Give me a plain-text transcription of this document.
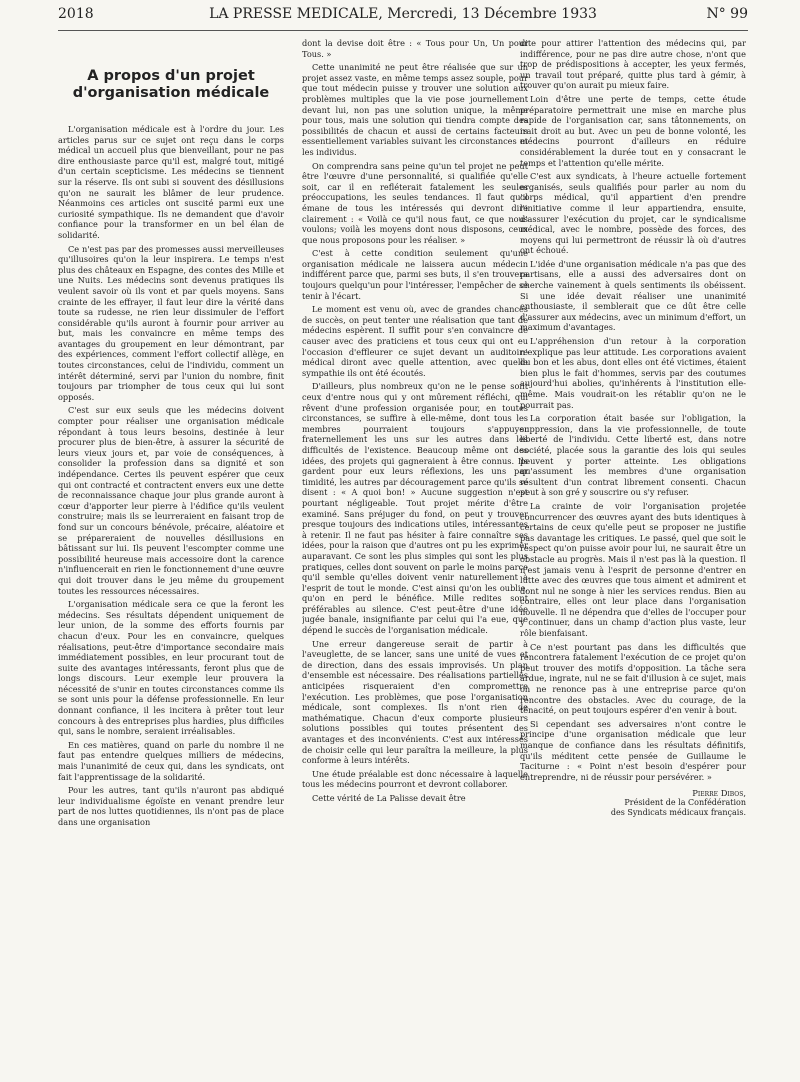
2018	LA PRESSE MEDICALE, Mercredi, 13 Décembre 1933	N° 99
A propos d'un projet
d'organisation médicale

L'organisation médicale est à l'ordre du jour. Les articles parus sur ce sujet ont reçu dans le corps médical un accueil plus que bienveillant, pour ne pas dire enthousiaste parce qu'il est, malgré tout, mitigé d'un certain scepticisme. Les médecins se tiennent sur la réserve. Ils ont subi si souvent des désillusions qu'on ne saurait les blâmer de leur prudence. Néanmoins ces articles ont suscité parmi eux une curiosité sympathique. Ils ne demandent que d'avoir confiance pour la transformer en un bel élan de solidarité.

Ce n'est pas par des promesses aussi merveilleuses qu'illusoires qu'on la leur inspirera. Le temps n'est plus des châteaux en Espagne, des contes des Mille et une Nuits. Les médecins sont devenus pratiques ils veulent savoir où ils vont et par quels moyens. Sans crainte de les effrayer, il faut leur dire la vérité dans toute sa rudesse, ne rien leur dissimuler de l'effort considérable qu'ils auront à fournir pour arriver au but, mais les convaincre en même temps des avantages du groupement en leur démontrant, par des expériences, comment l'effort collectif allège, en toutes circonstances, celui de l'individu, comment un intérêt déterminé, servi par l'union du nombre, finit toujours par triompher de tous ceux qui lui sont opposés.

C'est sur eux seuls que les médecins doivent compter pour réaliser une organisation médicale répondant à tous leurs besoins, destinée à leur procurer plus de bien-être, à assurer la sécurité de leurs vieux jours et, par voie de conséquences, à consolider la profession dans sa dignité et son indépendance. Certes ils peuvent espérer que ceux qui ont contracté et contractent envers eux une dette de reconnaissance chaque jour plus grande auront à cœur d'apporter leur pierre à l'édifice qu'ils veulent construire; mais ils se leurreraient en faisant trop de fond sur un concours bénévole, précaire, aléatoire et se prépareraient de nouvelles désillusions en bâtissant sur lui. Ils peuvent l'escompter comme une possibilité heureuse mais accessoire dont la carence n'influencerait en rien le fonctionnement d'une œuvre qui doit trouver dans le jeu même du groupement toutes les ressources nécessaires.

L'organisation médicale sera ce que la feront les médecins. Ses résultats dépendent uniquement de leur union, de la somme des efforts fournis par chacun d'eux. Pour les en convaincre, quelques réalisations, peut-être d'importance secondaire mais immédiatement possibles, en leur procurant tout de suite des avantages intéressants, feront plus que de longs discours. Leur exemple leur prouvera la nécessité de s'unir en toutes circonstances comme ils se sont unis pour la défense professionnelle. En leur donnant confiance, il les incitera à prêter tout leur concours à des entreprises plus hardies, plus difficiles qui, sans le nombre, seraient irréalisables.

En ces matières, quand on parle du nombre il ne faut pas entendre quelques milliers de médecins, mais l'unanimité de ceux qui, dans les syndicats, ont fait l'apprentissage de la solidarité.

Pour les autres, tant qu'ils n'auront pas abdiqué leur individualisme égoïste en venant prendre leur part de nos luttes quotidiennes, ils n'ont pas de place dans une organisation

dont la devise doit être : « Tous pour Un, Un pour Tous. »

Cette unanimité ne peut être réalisée que sur un projet assez vaste, en même temps assez souple, pour que tout médecin puisse y trouver une solution aux problèmes multiples que la vie pose journellement devant lui, non pas une solution unique, la même pour tous, mais une solution qui tiendra compte des possibilités de chacun et aussi de certains facteurs essentiellement variables suivant les circonstances et les individus.

On comprendra sans peine qu'un tel projet ne peut être l'œuvre d'une personnalité, si qualifiée qu'elle soit, car il en refléterait fatalement les seules préoccupations, les seules tendances. Il faut qu'il émane de tous les intéressés qui devront dire clairement : « Voilà ce qu'il nous faut, ce que nous voulons; voilà les moyens dont nous disposons, ceux que nous proposons pour les réaliser. »

C'est à cette condition seulement qu'une organisation médicale ne laissera aucun médecin indifférent parce que, parmi ses buts, il s'en trouvera toujours quelqu'un pour l'intéresser, l'empêcher de se tenir à l'écart.

Le moment est venu où, avec de grandes chances de succès, on peut tenter une réalisation que tant de médecins espèrent. Il suffit pour s'en convaincre de causer avec des praticiens et tous ceux qui ont eu l'occasion d'effleurer ce sujet devant un auditoire médical diront avec quelle attention, avec quelle sympathie ils ont été écoutés.

D'ailleurs, plus nombreux qu'on ne le pense sont ceux d'entre nous qui y ont mûrement réfléchi, qui rêvent d'une profession organisée pour, en toutes circonstances, se suffire à elle-même, dont tous les membres pourraient toujours s'appuyer fraternellement les uns sur les autres dans les difficultés de l'existence. Beaucoup même ont des idées, des projets qui gagneraient à être connus. Ils gardent pour eux leurs réflexions, les uns par timidité, les autres par découragement parce qu'ils se disent : « A quoi bon! » Aucune suggestion n'est pourtant négligeable. Tout projet mérite d'être examiné. Sans préjuger du fond, on peut y trouver presque toujours des indications utiles, intéressantes à retenir. Il ne faut pas hésiter à faire connaître ses idées, pour la raison que d'autres ont pu les exprimer auparavant. Ce sont les plus simples qui sont les plus pratiques, celles dont souvent on parle le moins parce qu'il semble qu'elles doivent venir naturellement à l'esprit de tout le monde. C'est ainsi qu'on les oublie, qu'on en perd le bénéfice. Mille redites sont préférables au silence. C'est peut-être d'une idée jugée banale, insignifiante par celui qui l'a eue, que dépend le succès de l'organisation médicale.

Une erreur dangereuse serait de partir à l'aveuglette, de se lancer, sans une unité de vues et de direction, dans des essais improvisés. Un plan d'ensemble est nécessaire. Des réalisations partielles anticipées risqueraient d'en compromettre l'exécution. Les problèmes, que pose l'organisation médicale, sont complexes. Ils n'ont rien de mathématique. Chacun d'eux comporte plusieurs solutions possibles qui toutes présentent des avantages et des inconvénients. C'est aux intéressés de choisir celle qui leur paraîtra la meilleure, la plus conforme à leurs intérêts.

Une étude préalable est donc nécessaire à laquelle tous les médecins pourront et devront collaborer.

Cette vérité de La Palisse devait être

dite pour attirer l'attention des médecins qui, par indifférence, pour ne pas dire autre chose, n'ont que trop de prédispositions à accepter, les yeux fermés, un travail tout préparé, quitte plus tard à gémir, à trouver qu'on aurait pu mieux faire.

Loin d'être une perte de temps, cette étude préparatoire permettrait une mise en marche plus rapide de l'organisation car, sans tâtonnements, on irait droit au but. Avec un peu de bonne volonté, les médecins pourront d'ailleurs en réduire considérablement la durée tout en y consacrant le temps et l'attention qu'elle mérite.

C'est aux syndicats, à l'heure actuelle fortement organisés, seuls qualifiés pour parler au nom du corps médical, qu'il appartient d'en prendre l'initiative comme il leur appartiendra, ensuite, d'assurer l'exécution du projet, car le syndicalisme médical, avec le nombre, possède des forces, des moyens qui lui permettront de réussir là où d'autres ont échoué.

L'idée d'une organisation médicale n'a pas que des partisans, elle a aussi des adversaires dont on cherche vainement à quels sentiments ils obéissent. Si une idée devait réaliser une unanimité enthousiaste, il semblerait que ce dût être celle d'assurer aux médecins, avec un minimum d'effort, un maximum d'avantages.

L'appréhension d'un retour à la corporation n'explique pas leur attitude. Les corporations avaient du bon et les abus, dont elles ont été victimes, étaient bien plus le fait d'hommes, servis par des coutumes aujourd'hui abolies, qu'inhérents à l'institution elle-même. Mais voudrait-on les rétablir qu'on ne le pourrait pas.

La corporation était basée sur l'obligation, la suppression, dans la vie professionnelle, de toute liberté de l'individu. Cette liberté est, dans notre société, placée sous la garantie des lois qui seules peuvent y porter atteinte. Les obligations qu'assument les membres d'une organisation résultent d'un contrat librement consenti. Chacun peut à son gré y souscrire ou s'y refuser.

La crainte de voir l'organisation projetée concurrencer des œuvres ayant des buts identiques à certains de ceux qu'elle peut se proposer ne justifie pas davantage les critiques. Le passé, quel que soit le respect qu'on puisse avoir pour lui, ne saurait être un obstacle au progrès. Mais il n'est pas là la question. Il n'est jamais venu à l'esprit de personne d'entrer en lutte avec des œuvres que tous aiment et admirent et dont nul ne songe à nier les services rendus. Bien au contraire, elles ont leur place dans l'organisation nouvelle. Il ne dépendra que d'elles de l'occuper pour y continuer, dans un champ d'action plus vaste, leur rôle bienfaisant.

Ce n'est pourtant pas dans les difficultés que rencontrera fatalement l'exécution de ce projet qu'on peut trouver des motifs d'opposition. La tâche sera ardue, ingrate, nul ne se fait d'illusion à ce sujet, mais on ne renonce pas à une entreprise parce qu'on rencontre des obstacles. Avec du courage, de la ténacité, on peut toujours espérer d'en venir à bout.

Si cependant ses adversaires n'ont contre le principe d'une organisation médicale que leur manque de confiance dans les résultats définitifs, qu'ils méditent cette pensée de Guillaume le Taciturne : « Point n'est besoin d'espérer pour entreprendre, ni de réussir pour persévérer. »

Pierre Dibos,
Président de la Confédération
des Syndicats médicaux français.
